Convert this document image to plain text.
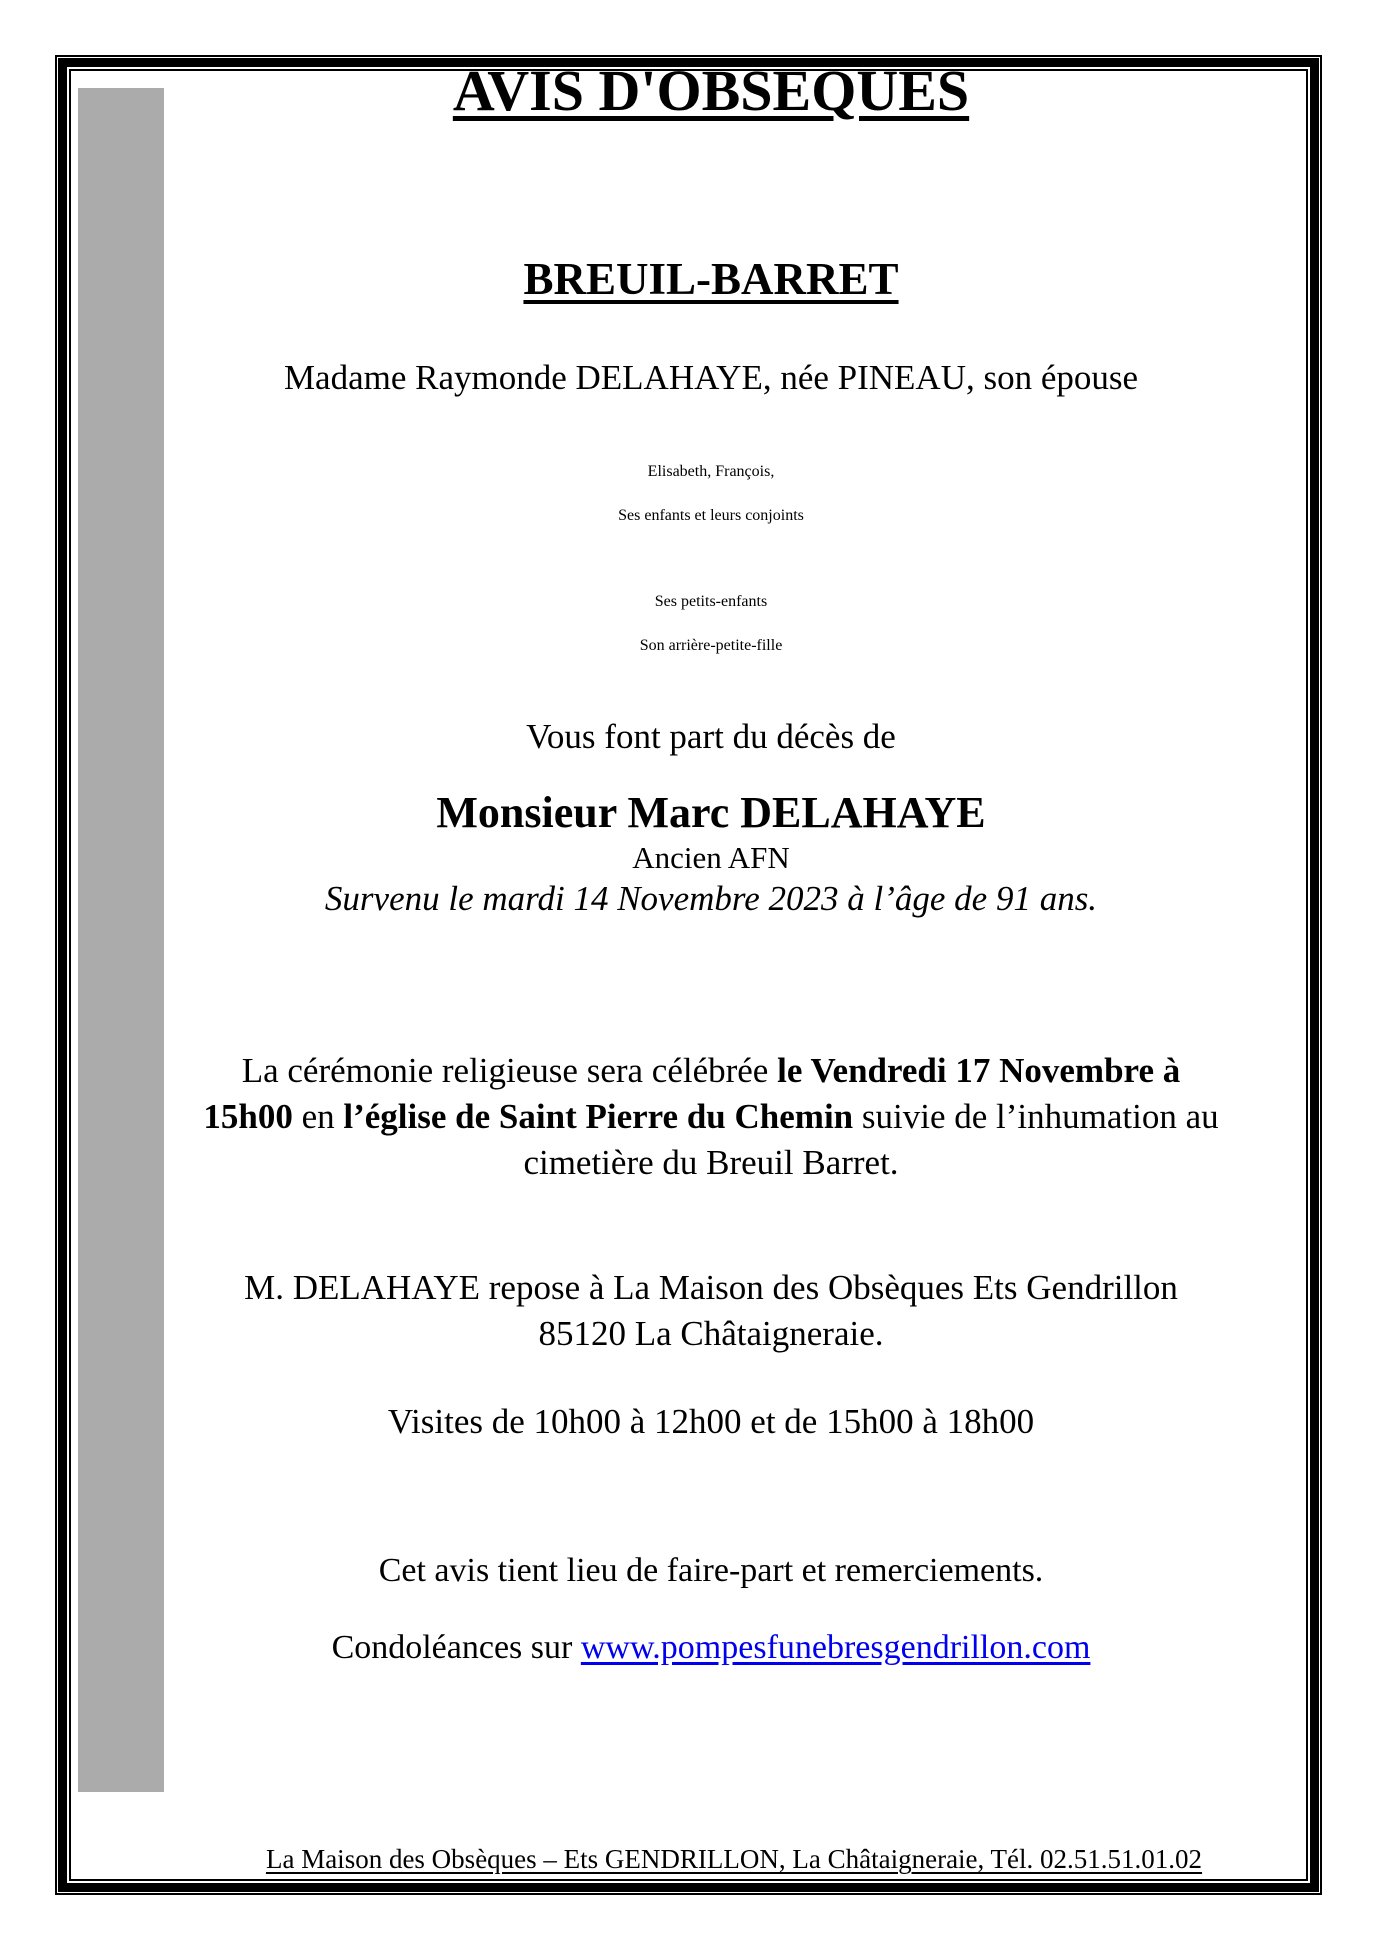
AVIS D'OBSEQUES
BREUIL-BARRET
Madame Raymonde DELAHAYE, née PINEAU, son épouse
Elisabeth, François,
Ses enfants et leurs conjoints
Ses petits-enfants
Son arrière-petite-fille
Vous font part du décès de
Monsieur Marc DELAHAYE
Ancien AFN
Survenu le mardi 14 Novembre 2023 à l’âge de 91 ans.
La cérémonie religieuse sera célébrée le Vendredi 17 Novembre à
15h00 en l’église de Saint Pierre du Chemin suivie de l’inhumation au
cimetière du Breuil Barret.
M. DELAHAYE repose à La Maison des Obsèques Ets Gendrillon
85120 La Châtaigneraie.
Visites de 10h00 à 12h00 et de 15h00 à 18h00
Cet avis tient lieu de faire-part et remerciements.
Condoléances sur www.pompesfunebresgendrillon.com
La Maison des Obsèques – Ets GENDRILLON, La Châtaigneraie, Tél. 02.51.51.01.02
